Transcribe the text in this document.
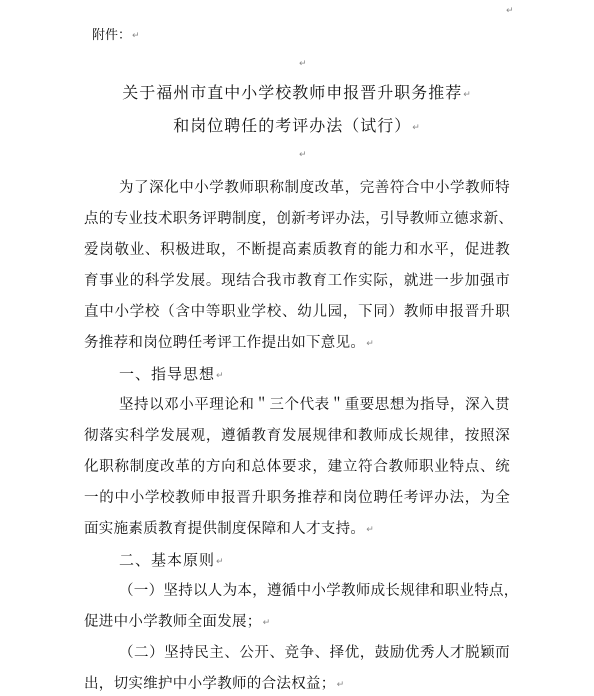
↵
附件：↵
↵
关于福州市直中小学校教师申报晋升职务推荐↵
和岗位聘任的考评办法（试行）↵
↵
为了深化中小学教师职称制度改革，完善符合中小学教师特
点的专业技术职务评聘制度，创新考评办法，引导教师立德求新、
爱岗敬业、积极进取，不断提高素质教育的能力和水平，促进教
育事业的科学发展。现结合我市教育工作实际，就进一步加强市
直中小学校（含中等职业学校、幼儿园，下同）教师申报晋升职
务推荐和岗位聘任考评工作提出如下意见。↵
一、指导思想↵
坚持以邓小平理论和＂三个代表＂重要思想为指导，深入贯
彻落实科学发展观，遵循教育发展规律和教师成长规律，按照深
化职称制度改革的方向和总体要求，建立符合教师职业特点、统
一的中小学校教师申报晋升职务推荐和岗位聘任考评办法，为全
面实施素质教育提供制度保障和人才支持。↵
二、基本原则↵
（一）坚持以人为本，遵循中小学教师成长规律和职业特点，
促进中小学教师全面发展；↵
（二）坚持民主、公开、竞争、择优，鼓励优秀人才脱颖而
出，切实维护中小学教师的合法权益；↵
